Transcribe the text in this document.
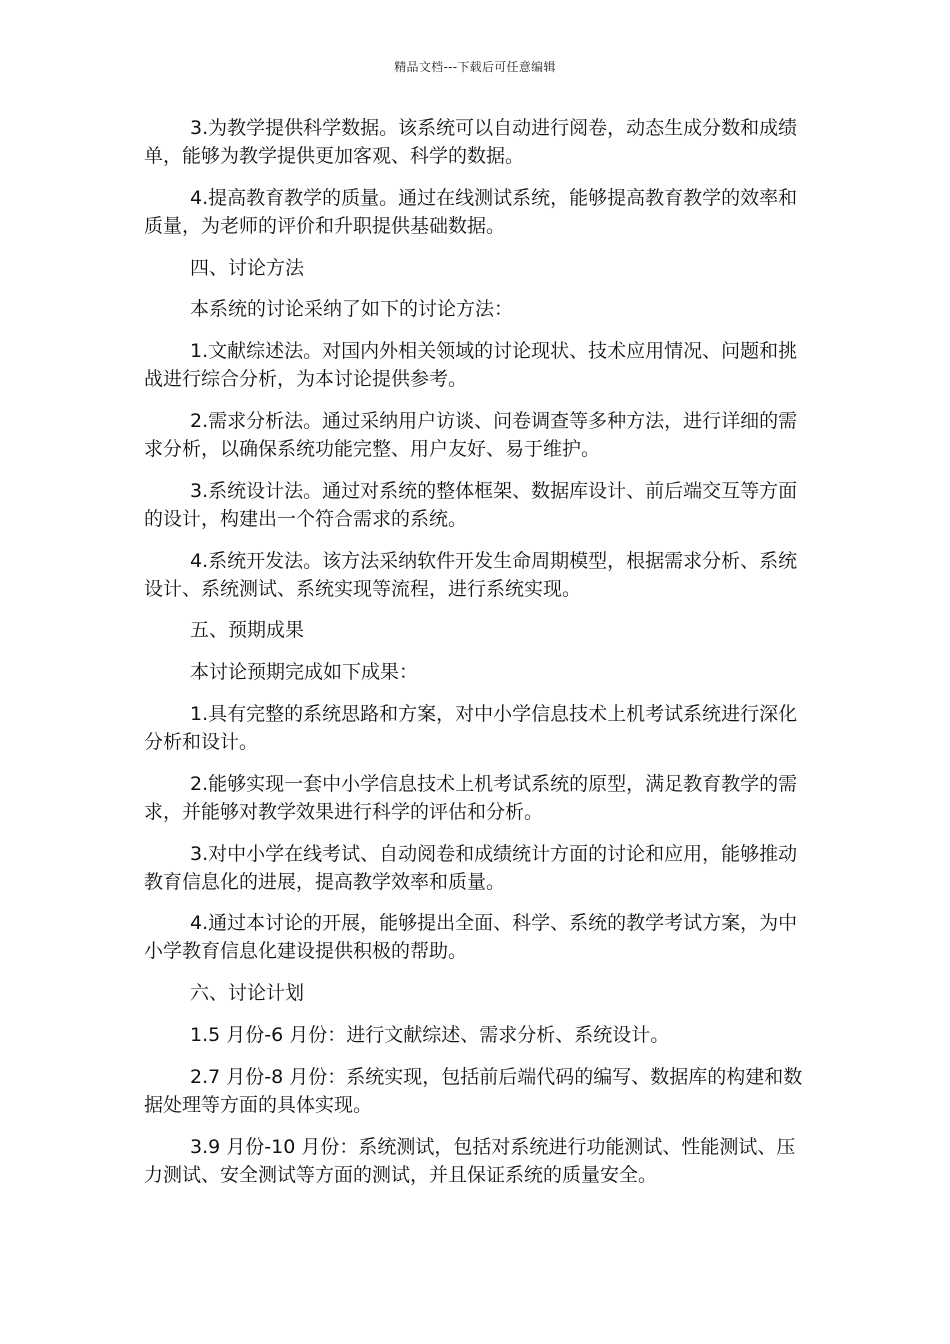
精品文档---下载后可任意编辑

3.为教学提供科学数据。该系统可以自动进行阅卷，动态生成分数和成绩单，能够为教学提供更加客观、科学的数据。

4.提高教育教学的质量。通过在线测试系统，能够提高教育教学的效率和质量，为老师的评价和升职提供基础数据。

四、讨论方法

本系统的讨论采纳了如下的讨论方法：

1.文献综述法。对国内外相关领域的讨论现状、技术应用情况、问题和挑战进行综合分析，为本讨论提供参考。

2.需求分析法。通过采纳用户访谈、问卷调查等多种方法，进行详细的需求分析，以确保系统功能完整、用户友好、易于维护。

3.系统设计法。通过对系统的整体框架、数据库设计、前后端交互等方面的设计，构建出一个符合需求的系统。

4.系统开发法。该方法采纳软件开发生命周期模型，根据需求分析、系统设计、系统测试、系统实现等流程，进行系统实现。

五、预期成果

本讨论预期完成如下成果：

1.具有完整的系统思路和方案，对中小学信息技术上机考试系统进行深化分析和设计。

2.能够实现一套中小学信息技术上机考试系统的原型，满足教育教学的需求，并能够对教学效果进行科学的评估和分析。

3.对中小学在线考试、自动阅卷和成绩统计方面的讨论和应用，能够推动教育信息化的进展，提高教学效率和质量。

4.通过本讨论的开展，能够提出全面、科学、系统的教学考试方案，为中小学教育信息化建设提供积极的帮助。

六、讨论计划

1.5 月份-6 月份：进行文献综述、需求分析、系统设计。

2.7 月份-8 月份：系统实现，包括前后端代码的编写、数据库的构建和数据处理等方面的具体实现。

3.9 月份-10 月份：系统测试，包括对系统进行功能测试、性能测试、压力测试、安全测试等方面的测试，并且保证系统的质量安全。
